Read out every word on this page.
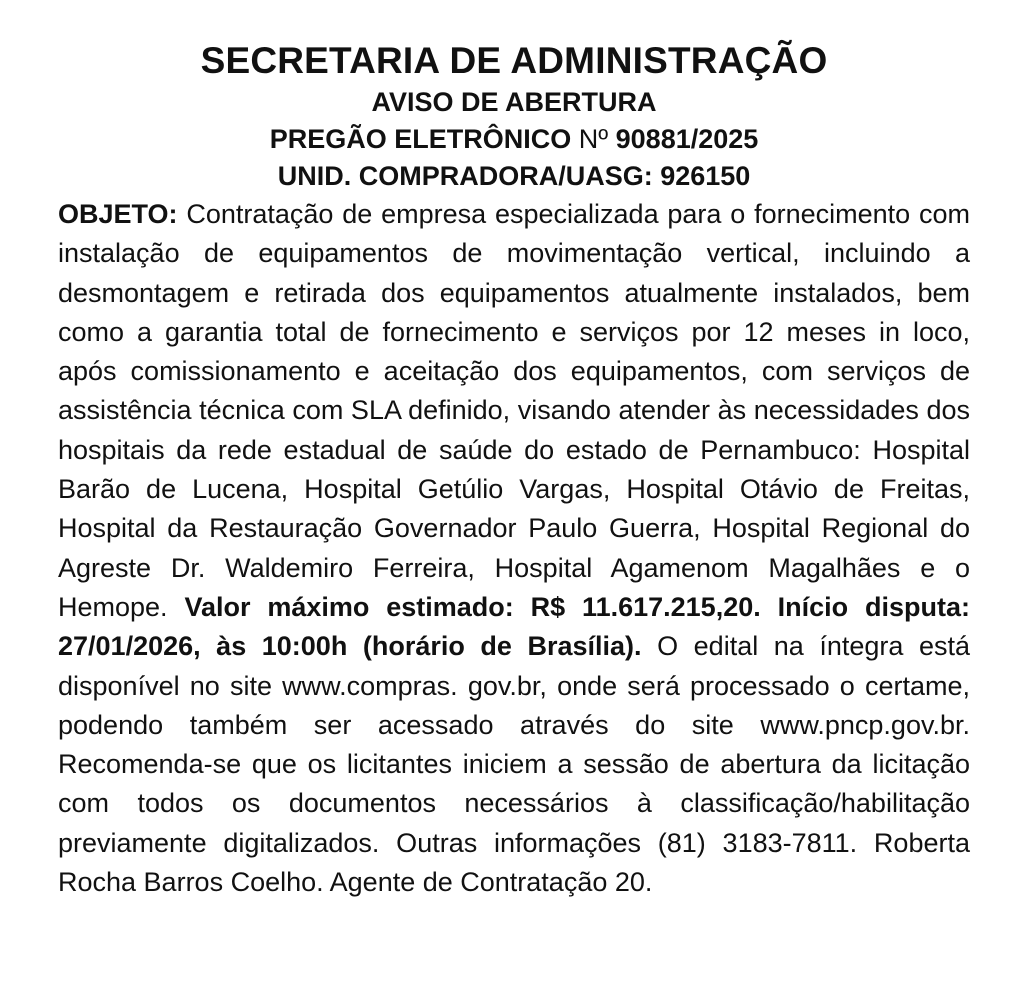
SECRETARIA DE ADMINISTRAÇÃO
AVISO DE ABERTURA
PREGÃO ELETRÔNICO Nº 90881/2025
UNID. COMPRADORA/UASG: 926150

OBJETO: Contratação de empresa especializada para o fornecimento com instalação de equipamentos de movimentação vertical, incluindo a desmontagem e retirada dos equipamentos atualmente instalados, bem como a garantia total de fornecimento e serviços por 12 meses in loco, após comissionamento e aceitação dos equipamentos, com serviços de assistência técnica com SLA definido, visando atender às necessidades dos hospitais da rede estadual de saúde do estado de Pernambuco: Hospital Barão de Lucena, Hospital Getúlio Vargas, Hospital Otávio de Freitas, Hospital da Restauração Governador Paulo Guerra, Hospital Regional do Agreste Dr. Waldemiro Ferreira, Hospital Agamenom Magalhães e o Hemope. Valor máximo estimado: R$ 11.617.215,20. Início disputa: 27/01/2026, às 10:00h (horário de Brasília). O edital na íntegra está disponível no site www.compras. gov.br, onde será processado o certame, podendo também ser acessado através do site www.pncp.gov.br. Recomenda-se que os licitantes iniciem a sessão de abertura da licitação com todos os documentos necessários à classificação/habilitação previamente digitalizados. Outras informações (81) 3183-7811. Roberta Rocha Barros Coelho. Agente de Contratação 20.
